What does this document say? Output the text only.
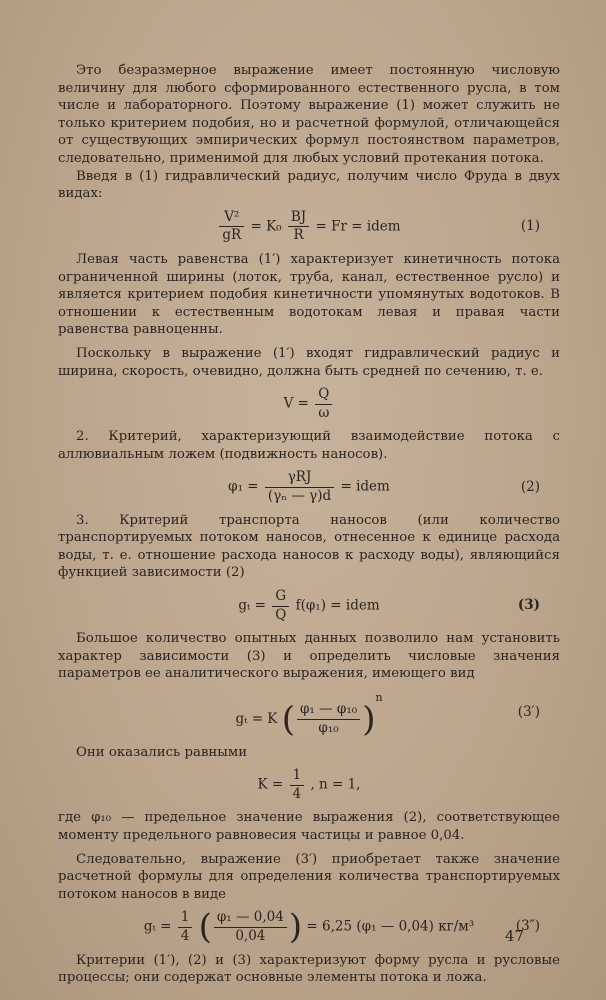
Это безразмерное выражение имеет постоянную числовую величину для любого сформированного естественного русла, в том числе и лабораторного. Поэтому выражение (1) может служить не только критерием подобия, но и расчетной формулой, отличающейся от существующих эмпирических формул постоянством параметров, следовательно, применимой для любых условий протекания потока.

Введя в (1) гидравлический радиус, получим число Фруда в двух видах:

$\frac{\text{V²}}{gR} = K_0 \frac{BJ}{R} = Fr$ = idem	(1)

Левая часть равенства (1′) характеризует кинетичность потока ограниченной ширины (лоток, труба, канал, естественное русло) и является критерием подобия кинетичности упомянутых водотоков. В отношении к естественным водотокам левая и правая части равенства равноценны.

Поскольку в выражение (1′) входят гидравлический радиус и ширина, скорость, очевидно, должна быть средней по сечению, т. е.

$V = \frac{Q}{\omega}$

2. Критерий, характеризующий взаимодействие потока с аллювиальным ложем (подвижность наносов).

$\varphi_1 = \frac{\text{γRJ}}{\text{(γₙ — γ)d}}$ = idem	(2)

3. Критерий транспорта наносов (или количество транспортируемых потоком наносов, отнесенное к единице расхода воды, т. е. отношение расхода наносов к расходу воды), являющийся функцией зависимости (2)

$g_t = \frac{G}{Q} f(\varphi_1)$ = idem	(3)

Большое количество опытных данных позволило нам установить характер зависимости (3) и определить числовые значения параметров ее аналитического выражения, имеющего вид

gₜ = K ( $\frac{\text{φ₁ — φ₁₀}}{\text{φ₁₀}} )^n$
(3′)

Они оказались равными

$K = \frac{1}{4}$ , n = 1,

где φ₁₀ — предельное значение выражения (2), соответствующее моменту предельного равновесия частицы и равное 0,04.

Следовательно, выражение (3′) приобретает также значение расчетной формулы для определения количества транспортируемых потоком наносов в виде

$g_t = \frac{1}{4}$ ( $\frac{\text{φ₁ — 0,04}}{0,04}$ ) = 6,25 (φ₁ — 0,04) кг/м³	(3″)

Критерии (1′), (2) и (3) характеризуют форму русла и русловые процессы; они содержат основные элементы потока и ложа.

47
